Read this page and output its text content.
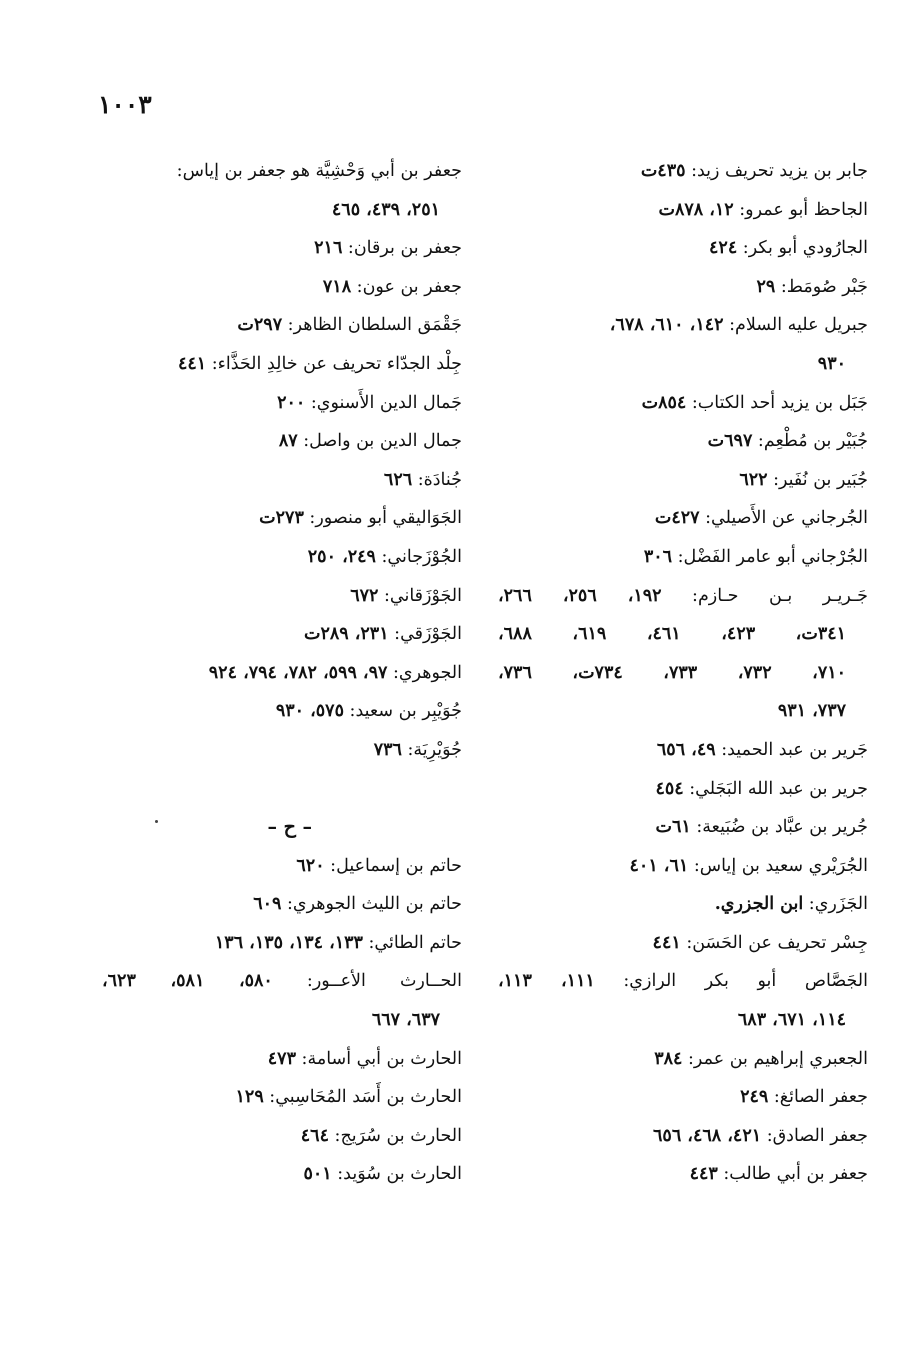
١٠٠٣
جابر بن يزيد تحريف زيد: ٤٣٥ت
الجاحظ أبو عمرو: ١٢، ٨٧٨ت
الجارُودي أبو بكر: ٤٢٤
جَبْر صُومَط: ٢٩
جبريل عليه السلام: ١٤٢، ٦١٠، ٦٧٨،
٩٣٠
جَبَل بن يزيد أحد الكتاب: ٨٥٤ت
جُبَيْر بن مُطْعِم: ٦٩٧ت
جُبَير بن نُفَير: ٦٢٢
الجُرجاني عن الأَصيلي: ٤٢٧ت
الجُرْجاني أبو عامر الفَضْل: ٣٠٦
جَـريـر بـن حـازم: ١٩٢، ٢٥٦، ٢٦٦،
٣٤١ت، ٤٢٣، ٤٦١، ٦١٩، ٦٨٨،
٧١٠، ٧٣٢، ٧٣٣، ٧٣٤ت، ٧٣٦،
٧٣٧، ٩٣١
جَرير بن عبد الحميد: ٤٩، ٦٥٦
جرير بن عبد الله البَجَلي: ٤٥٤
جُرير بن عبَّاد بن ضُبَيعة: ٦١ت
الجُرَيْري سعيد بن إياس: ٦١، ٤٠١
الجَزَري: ابن الجزري.
جِسْر تحريف عن الحَسَن: ٤٤١
الجَصَّاص أبو بكر الرازي: ١١١، ١١٣،
١١٤، ٦٧١، ٦٨٣
الجعبري إبراهيم بن عمر: ٣٨٤
جعفر الصائغ: ٢٤٩
جعفر الصادق: ٤٢١، ٤٦٨، ٦٥٦
جعفر بن أبي طالب: ٤٤٣
جعفر بن أبي وَحْشِيَّة هو جعفر بن إياس:
٢٥١، ٤٣٩، ٤٦٥
جعفر بن برقان: ٢١٦
جعفر بن عون: ٧١٨
جَقْمَق السلطان الظاهر: ٢٩٧ت
جِلْد الجدّاء تحريف عن خالِدِ الحَذَّاء: ٤٤١
جَمال الدين الأَسنوي: ٢٠٠
جمال الدين بن واصل: ٨٧
جُنادَة: ٦٢٦
الجَوَاليقي أبو منصور: ٢٧٣ت
الجُوْزَجاني: ٢٤٩، ٢٥٠
الجَوْزَقاني: ٦٧٢
الجَوْزَقي: ٢٣١، ٢٨٩ت
الجوهري: ٩٧، ٥٩٩، ٧٨٢، ٧٩٤، ٩٢٤
جُوَيْبِر بن سعيد: ٥٧٥، ٩٣٠
جُوَيْرِيَة: ٧٣٦
– ح –
حاتم بن إسماعيل: ٦٢٠
حاتم بن الليث الجوهري: ٦٠٩
حاتم الطائي: ١٣٣، ١٣٤، ١٣٥، ١٣٦
الحــارث الأعــور: ٥٨٠، ٥٨١، ٦٢٣،
٦٣٧، ٦٦٧
الحارث بن أبي أسامة: ٤٧٣
الحارث بن أَسَد المُحَاسِبي: ١٢٩
الحارث بن سُرَيج: ٤٦٤
الحارث بن سُوَيد: ٥٠١
